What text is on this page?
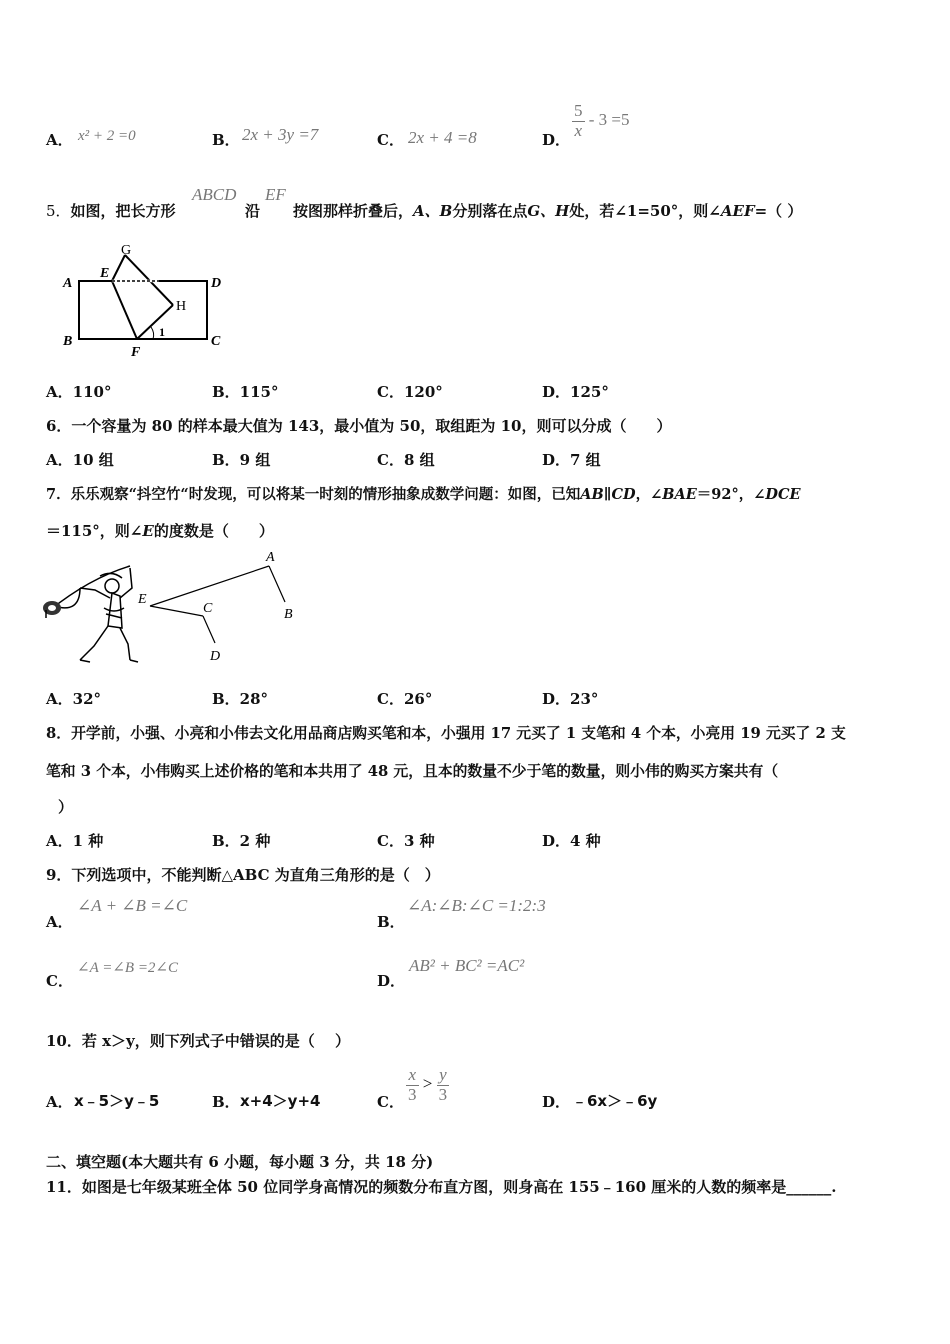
A． x² + 2 =0	B． 2x + 3y =7	C． 2x + 4 =8	D． $\frac{5}{x} - 3 =5$
5．如图，把长方形
ABCD
沿
EF
按图那样折叠后，A、B分别落在点G、H处，若∠1=50°，则∠AEF=（ ）
A
B	C
D
E
F
G
H
1
A．110°	B．115°	C．120°	D．125°
6．一个容量为 80 的样本最大值为 143，最小值为 50，取组距为 10，则可以分成（　　）
A．10 组	B．9 组	C．8 组	D．7 组
7．乐乐观察“抖空竹“时发现，可以将某一时刻的情形抽象成数学问题：如图，已知AB∥CD，∠BAE＝92°，∠DCE
＝115°，则∠E的度数是（　　）
A
B
C
D
E
A．32°	B．28°	C．26°	D．23°
8．开学前，小强、小亮和小伟去文化用品商店购买笔和本，小强用 17 元买了 1 支笔和 4 个本，小亮用 19 元买了 2 支
笔和 3 个本，小伟购买上述价格的笔和本共用了 48 元，且本的数量不少于笔的数量，则小伟的购买方案共有（
）
A．1 种	B．2 种	C．3 种	D．4 种
9．下列选项中，不能判断△ABC 为直角三角形的是（　）
A．
∠A + ∠B =∠C
B．
∠A:∠B:∠C =1:2:3
C．
∠A =∠B =2∠C
D．
AB² + BC² =AC²
10．若 x＞y，则下列式子中错误的是（　 ）
A． x﹣5＞y﹣5	B． x+4＞y+4	C． $\frac{x}{3} > \frac{y}{3}$	D． ﹣6x＞﹣6y
二、填空题(本大题共有 6 小题，每小题 3 分，共 18 分)
11．如图是七年级某班全体 50 位同学身高情况的频数分布直方图，则身高在 155﹣160 厘米的人数的频率是______.
